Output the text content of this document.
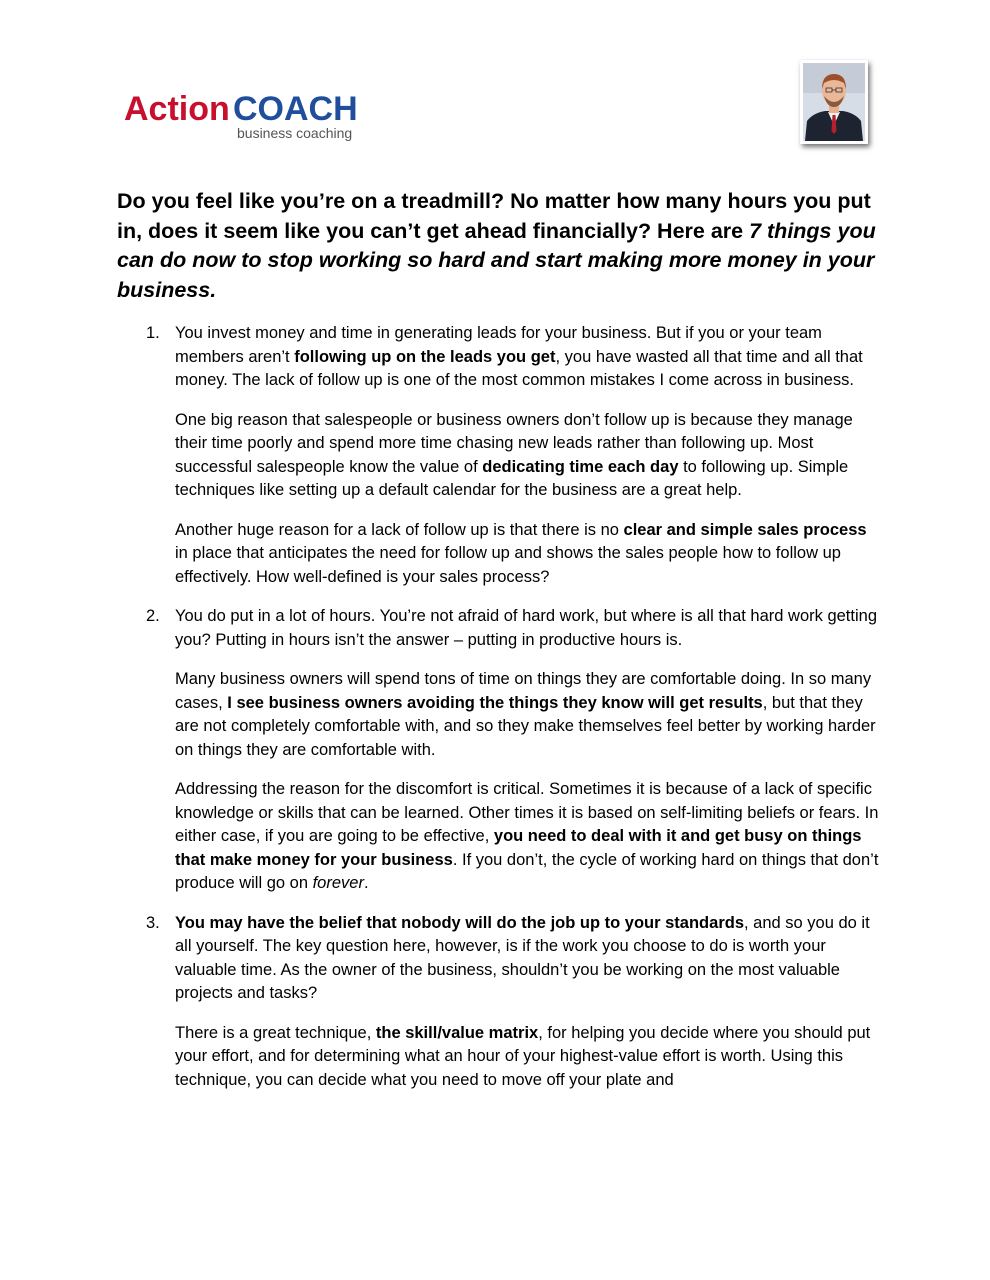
Action COACH
business coaching
Do you feel like you’re on a treadmill? No matter how many hours you put in, does it seem like you can’t get ahead financially? Here are 7 things you can do now to stop working so hard and start making more money in your business.
1. You invest money and time in generating leads for your business. But if you or your team members aren’t following up on the leads you get, you have wasted all that time and all that money. The lack of follow up is one of the most common mistakes I come across in business.

One big reason that salespeople or business owners don’t follow up is because they manage their time poorly and spend more time chasing new leads rather than following up. Most successful salespeople know the value of dedicating time each day to following up. Simple techniques like setting up a default calendar for the business are a great help.

Another huge reason for a lack of follow up is that there is no clear and simple sales process in place that anticipates the need for follow up and shows the sales people how to follow up effectively. How well-defined is your sales process?

2. You do put in a lot of hours. You’re not afraid of hard work, but where is all that hard work getting you? Putting in hours isn’t the answer – putting in productive hours is.

Many business owners will spend tons of time on things they are comfortable doing. In so many cases, I see business owners avoiding the things they know will get results, but that they are not completely comfortable with, and so they make themselves feel better by working harder on things they are comfortable with.

Addressing the reason for the discomfort is critical. Sometimes it is because of a lack of specific knowledge or skills that can be learned. Other times it is based on self-limiting beliefs or fears. In either case, if you are going to be effective, you need to deal with it and get busy on things that make money for your business. If you don’t, the cycle of working hard on things that don’t produce will go on forever.

3. You may have the belief that nobody will do the job up to your standards, and so you do it all yourself. The key question here, however, is if the work you choose to do is worth your valuable time. As the owner of the business, shouldn’t you be working on the most valuable projects and tasks?

There is a great technique, the skill/value matrix, for helping you decide where you should put your effort, and for determining what an hour of your highest-value effort is worth. Using this technique, you can decide what you need to move off your plate and
